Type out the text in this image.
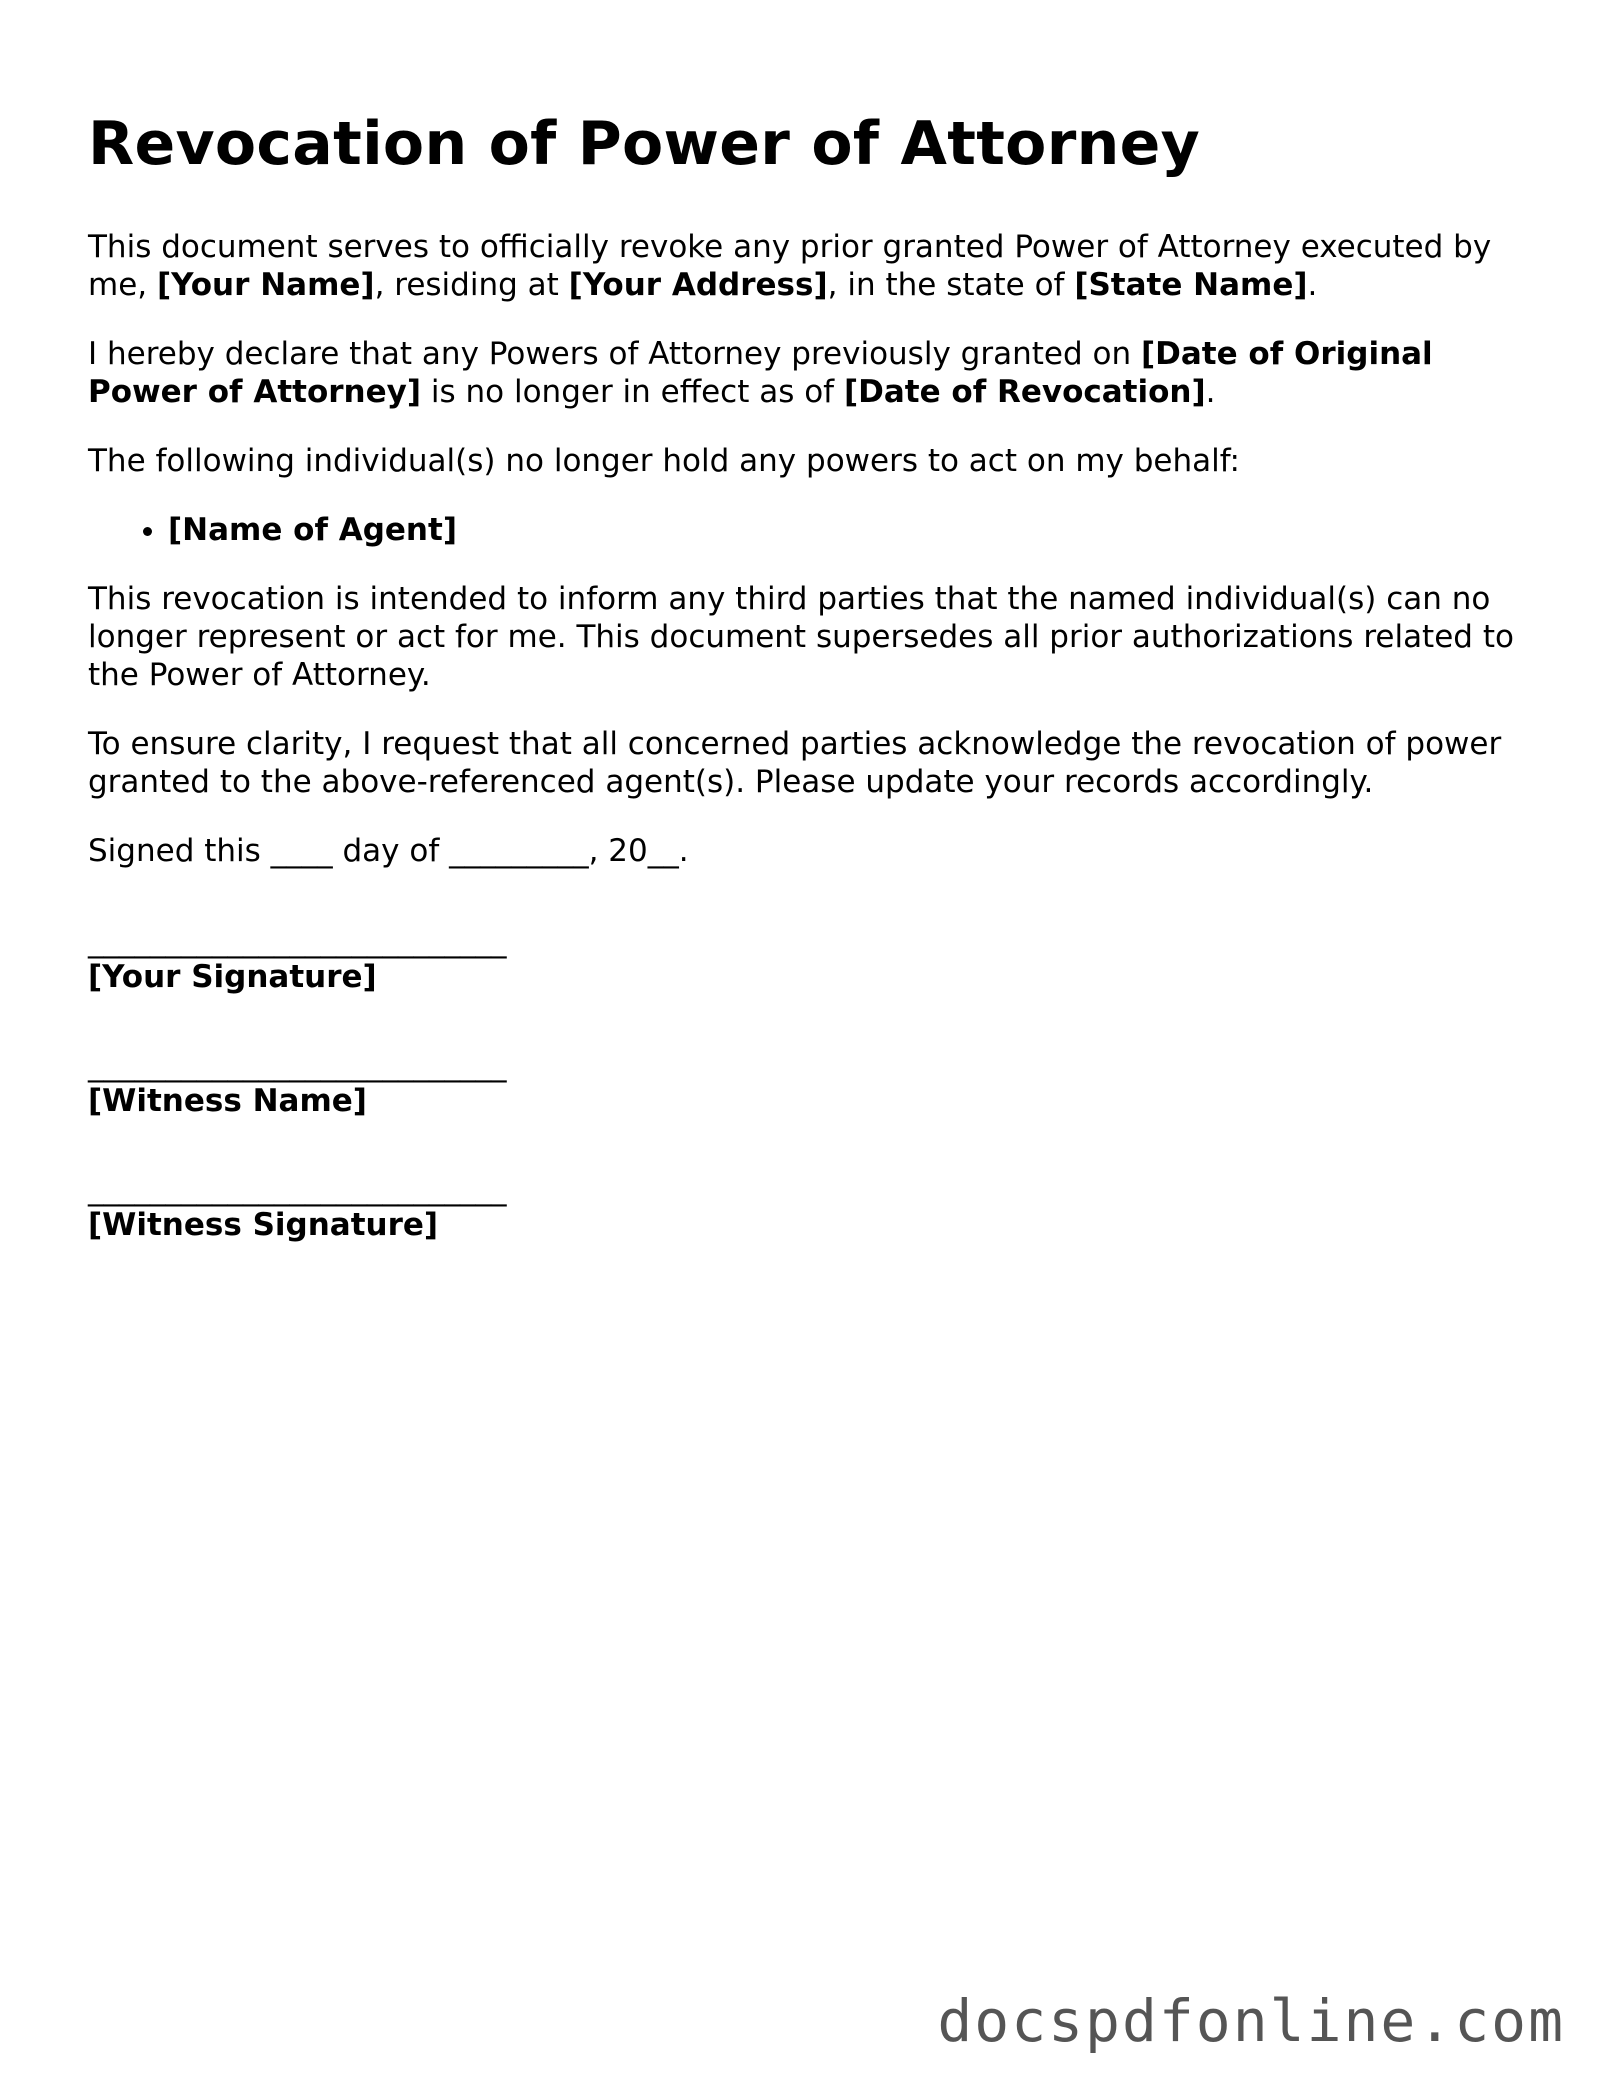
Revocation of Power of Attorney

This document serves to officially revoke any prior granted Power of Attorney executed by me, [Your Name], residing at [Your Address], in the state of [State Name].

I hereby declare that any Powers of Attorney previously granted on [Date of Original Power of Attorney] is no longer in effect as of [Date of Revocation].

The following individual(s) no longer hold any powers to act on my behalf:

• [Name of Agent]

This revocation is intended to inform any third parties that the named individual(s) can no longer represent or act for me. This document supersedes all prior authorizations related to the Power of Attorney.

To ensure clarity, I request that all concerned parties acknowledge the revocation of power granted to the above-referenced agent(s). Please update your records accordingly.

Signed this ____ day of _________, 20__.

___________________________
[Your Signature]
___________________________
[Witness Name]
___________________________
[Witness Signature]
docspdfonline.com
